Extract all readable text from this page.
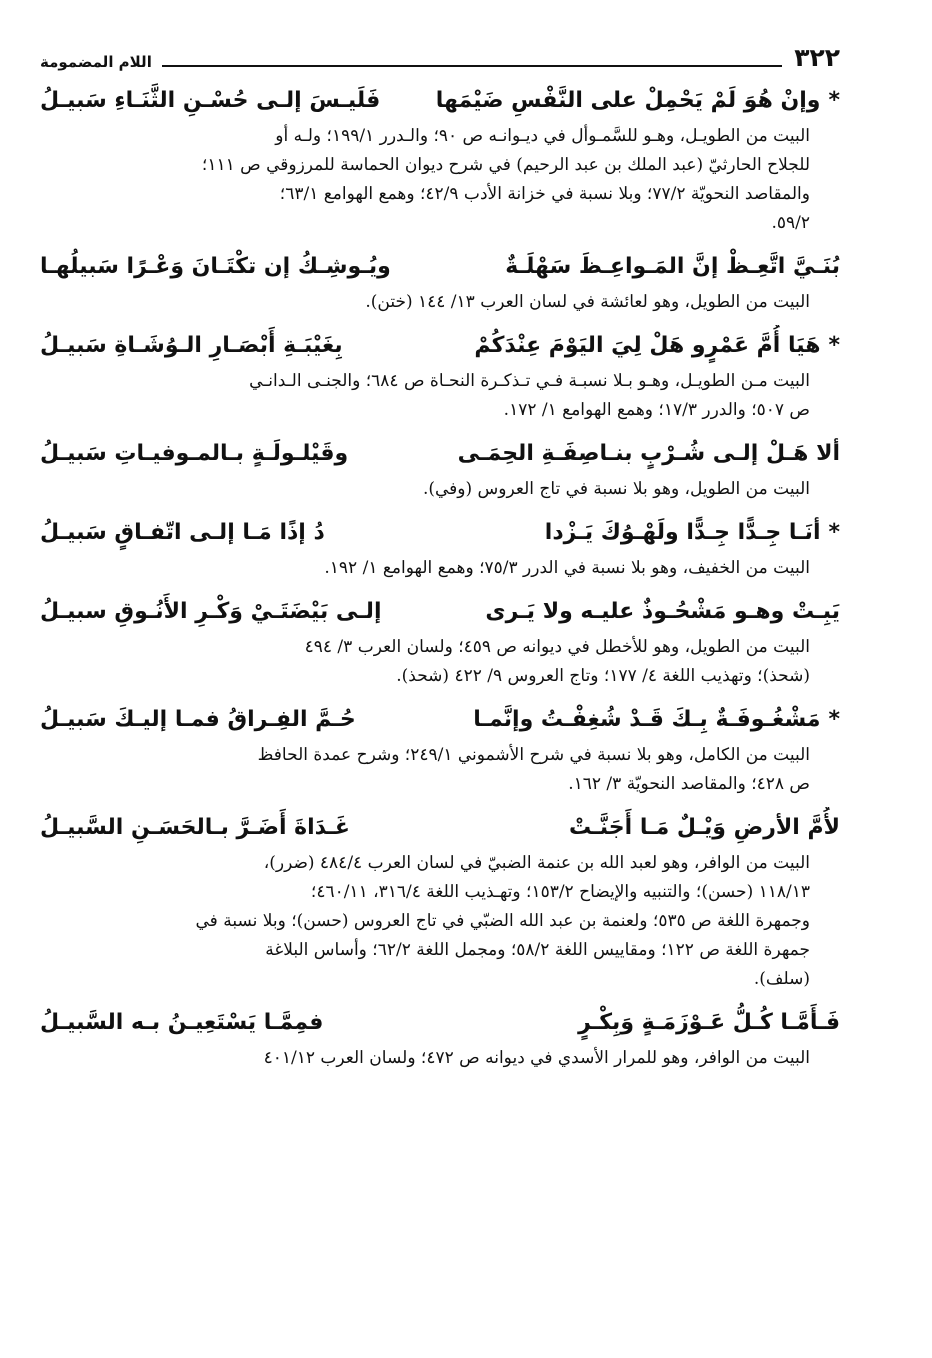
٣٢٢
اللام المضمومة
*وإنْ هُوَ لَمْ يَحْمِلْ على النَّفْسِ ضَيْمَها
فَلَيـسَ إلـى حُسْـنِ الثَّنَـاءِ سَبيـلُ

البيت من الطويـل، وهـو للسَّمـوأل في ديـوانـه ص ٩٠؛ والـدرر ١٩٩/١؛ ولـه أو

للجلاح الحارثيّ (عبد الملك بن عبد الرحيم) في شرح ديوان الحماسة للمرزوقي ص ١١١؛

والمقاصد النحويّة ٧٧/٢؛ وبلا نسبة في خزانة الأدب ٤٢/٩؛ وهمع الهوامع ٦٣/١؛

٥٩/٢.

بُنَـيَّ اتَّعِـظْ إنَّ المَـواعِـظَ سَهْلَـةٌ
ويُـوشِـكُ إن تكْتَـانَ وَعْـرًا سَبيلُهـا

البيت من الطويل، وهو لعائشة في لسان العرب ١٣/ ١٤٤ (ختن).

*هَيَا أُمَّ عَمْرٍو هَلْ لِيَ اليَوْمَ عِنْدَكُمْ
بِغَيْبَـةِ أَبْصَـارِ الـوُشَـاةِ سَبيـلُ

البيت مـن الطويـل، وهـو بـلا نسبـة فـي تـذكـرة النحـاة ص ٦٨٤؛ والجنـى الـدانـي

ص ٥٠٧؛ والدرر ١٧/٣؛ وهمع الهوامع ١/ ١٧٢.

ألا هَـلْ إلـى شُـرْبٍ بنـاصِفَـةِ الحِمَـى
وقَيْلـولَـةٍ بـالمـوفيـاتِ سَبيـلُ

البيت من الطويل، وهو بلا نسبة في تاج العروس (وفي).

*أنَـا جِـدًّا جِـدًّا ولَهْـوُكَ يَـزْدا
دُ إذًا مَـا إلـى اتّفـاقٍ سَبيـلُ

البيت من الخفيف، وهو بلا نسبة في الدرر ٧٥/٣؛ وهمع الهوامع ١/ ١٩٢.

يَبِـتْ وهـو مَشْحُـوذٌ عليـه ولا يَـرى
إلـى بَيْضَتَـيْ وَكْـرِ الأَنُـوقِ سبيـلُ

البيت من الطويل، وهو للأخطل في ديوانه ص ٤٥٩؛ ولسان العرب ٣/ ٤٩٤

(شحذ)؛ وتهذيب اللغة ٤/ ١٧٧؛ وتاج العروس ٩/ ٤٢٢ (شحذ).

*مَشْغُـوفَـةٌ بِـكَ قَـدْ شُغِفْـتُ وإنَّمـا
حُـمَّ الفِـراقُ فمـا إليـكَ سَبيـلُ

البيت من الكامل، وهو بلا نسبة في شرح الأشموني ٢٤٩/١؛ وشرح عمدة الحافظ

ص ٤٢٨؛ والمقاصد النحويّة ٣/ ١٦٢.

لأُمَّ الأرضِ وَيْـلٌ مَـا أَجَنَّـتْ
غَـدَاةَ أَضَـرَّ بـالحَسَـنِ السَّبيـلُ

البيت من الوافر، وهو لعبد الله بن عنمة الضبيّ في لسان العرب ٤٨٤/٤ (ضرر)،

١١٨/١٣ (حسن)؛ والتنبيه والإيضاح ١٥٣/٢؛ وتهـذيب اللغة ٣١٦/٤، ٤٦٠/١١؛

وجمهرة اللغة ص ٥٣٥؛ ولعنمة بن عبد الله الضبّي في تاج العروس (حسن)؛ وبلا نسبة في

جمهرة اللغة ص ١٢٢؛ ومقاييس اللغة ٥٨/٢؛ ومجمل اللغة ٦٢/٢؛ وأساس البلاغة

(سلف).

فَـأَمَّـا كُـلُّ عَـوْزَمَـةٍ وَبِكْـرٍ
فمِمَّـا يَسْتَعِيـنُ بـه السَّبيـلُ

البيت من الوافر، وهو للمرار الأسدي في ديوانه ص ٤٧٢؛ ولسان العرب ٤٠١/١٢
